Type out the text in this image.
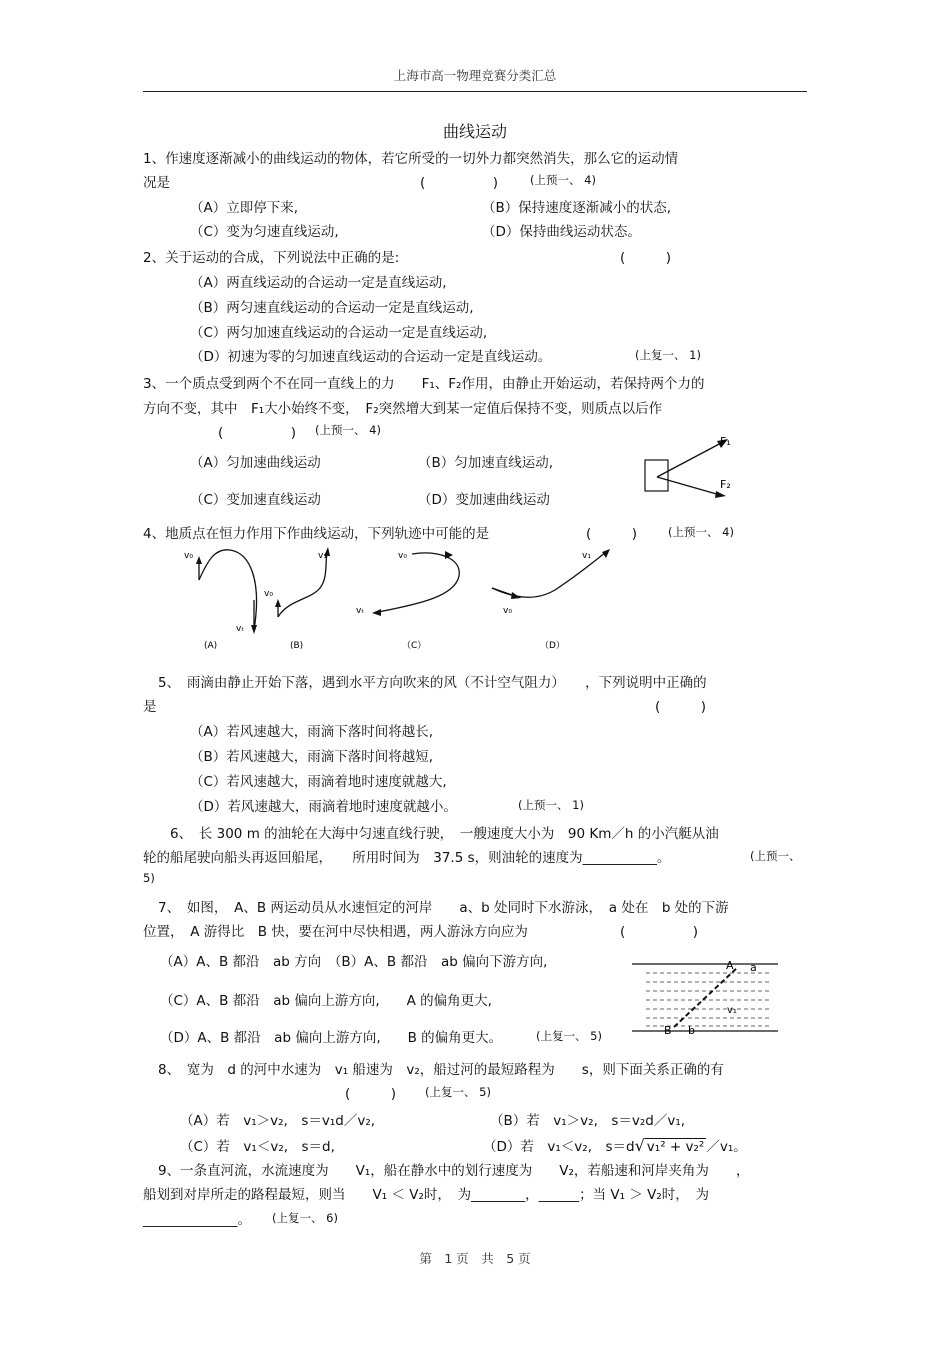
上海市高一物理竞赛分类汇总
曲线运动
1、作速度逐渐减小的曲线运动的物体，若它所受的一切外力都突然消失，那么它的运动情
况是	(　　　　　)	(上预一、 4)
（A）立即停下来,	（B）保持速度逐渐减小的状态,
（C）变为匀速直线运动,	（D）保持曲线运动状态。
2、关于运动的合成，下列说法中正确的是:	(　　　)
（A）两直线运动的合运动一定是直线运动,
（B）两匀速直线运动的合运动一定是直线运动,
（C）两匀加速直线运动的合运动一定是直线运动,
（D）初速为零的匀加速直线运动的合运动一定是直线运动。	(上复一、 1)
3、一个质点受到两个不在同一直线上的力　　F₁、F₂作用，由静止开始运动，若保持两个力的
方向不变，其中　F₁大小始终不变，　F₂突然增大到某一定值后保持不变，则质点以后作
(　　　　　) (上预一、 4)
（A）匀加速曲线运动	（B）匀加速直线运动,
（C）变加速直线运动	（D）变加速曲线运动
F₁
F₂
4、地质点在恒力作用下作曲线运动，下列轨迹中可能的是	(　　　)	(上预一、 4)
v₀
vₜ
(A)
v₀
v₁
(B)
v₀
vₜ
（C）
v₁
v₀
（D）
5、　雨滴由静止开始下落，遇到水平方向吹来的风（不计空气阻力）　　，下列说明中正确的
是	(　　　)
（A）若风速越大，雨滴下落时间将越长,
（B）若风速越大，雨滴下落时间将越短,
（C）若风速越大，雨滴着地时速度就越大,
（D）若风速越大，雨滴着地时速度就越小。	(上预一、 1)
6、　长 300 m 的油轮在大海中匀速直线行驶，　一艘速度大小为　90 Km／h 的小汽艇从油
轮的船尾驶向船头再返回船尾，　　所用时间为　37.5 s，则油轮的速度为___________。	(上预一、
5)
7、　如图，　A、B 两运动员从水速恒定的河岸　　a、b 处同时下水游泳，　a 处在　b 处的下游
位置，　A 游得比　B 快，要在河中尽快相遇，两人游泳方向应为	(　　　　　)
（A）A、B 都沿　ab 方向　（B）A、B 都沿　ab 偏向下游方向,
（C）A、B 都沿　ab 偏向上游方向,　　A 的偏角更大,
（D）A、B 都沿　ab 偏向上游方向,　　B 的偏角更大。	(上复一、 5)
A a
v₁
B b
8、　宽为　d 的河中水速为　v₁ 船速为　v₂，船过河的最短路程为　　s，则下面关系正确的有
(　　　)	(上复一、 5)
（A）若　v₁＞v₂,　s＝v₁d／v₂,	（B）若　v₁＞v₂,　s＝v₂d／v₁,
（C）若　v₁＜v₂,　s＝d,	（D）若　v₁＜v₂,　s＝d√ v₁² + v₂² ／v₁。
9、一条直河流，水流速度为　　V₁，船在静水中的划行速度为　　V₂，若船速和河岸夹角为　　，
船划到对岸所走的路程最短，则当　　V₁ ＜ V₂时，　为________，______；当 V₁ ＞ V₂时，　为
______________。 (上复一、 6)
第　1 页　共　5 页
